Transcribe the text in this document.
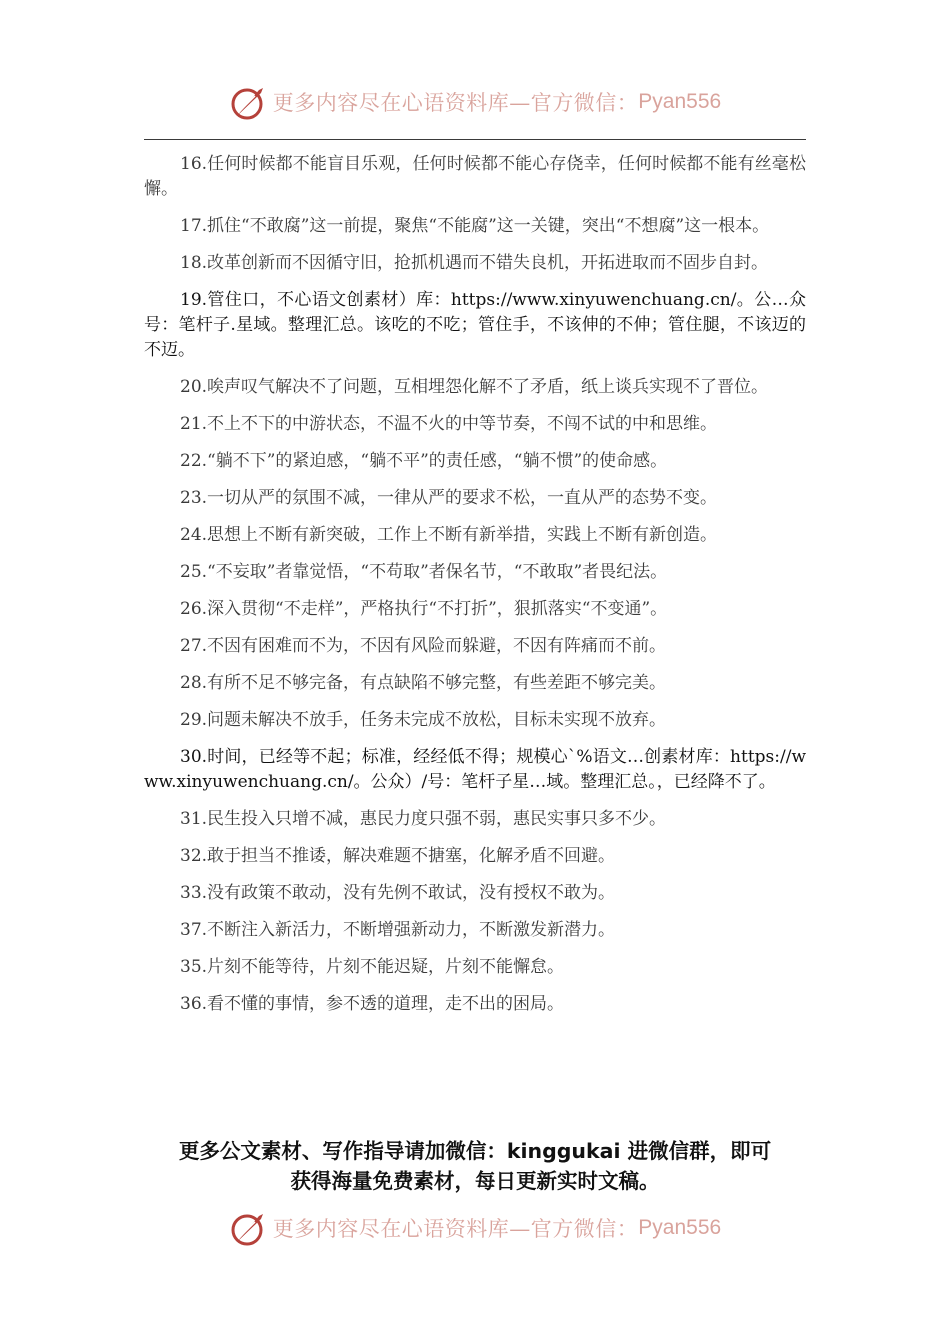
更多内容尽在心语资料库—官方微信： Pyan556

16.任何时候都不能盲目乐观，任何时候都不能心存侥幸，任何时候都不能有丝毫松懈。

17.抓住“不敢腐”这一前提，聚焦“不能腐”这一关键，突出“不想腐”这一根本。

18.改革创新而不因循守旧，抢抓机遇而不错失良机，开拓进取而不固步自封。

19.管住口，不心语文创素材）库：https://www.xinyuwenchuang.cn/。公…众号：笔杆子.星域。整理汇总。该吃的不吃；管住手，不该伸的不伸；管住腿，不该迈的不迈。

20.唉声叹气解决不了问题，互相埋怨化解不了矛盾，纸上谈兵实现不了晋位。

21.不上不下的中游状态，不温不火的中等节奏，不闯不试的中和思维。

22.“躺不下”的紧迫感，“躺不平”的责任感，“躺不惯”的使命感。

23.一切从严的氛围不减，一律从严的要求不松，一直从严的态势不变。

24.思想上不断有新突破，工作上不断有新举措，实践上不断有新创造。

25.“不妄取”者靠觉悟，“不苟取”者保名节，“不敢取”者畏纪法。

26.深入贯彻“不走样”，严格执行“不打折”，狠抓落实“不变通”。

27.不因有困难而不为，不因有风险而躲避，不因有阵痛而不前。

28.有所不足不够完备，有点缺陷不够完整，有些差距不够完美。

29.问题未解决不放手，任务未完成不放松，目标未实现不放弃。

30.时间，已经等不起；标准，经经低不得；规模心`%语文…创素材库：https://www.xinyuwenchuang.cn/。公众）/号：笔杆子星…域。整理汇总。，已经降不了。

31.民生投入只增不减，惠民力度只强不弱，惠民实事只多不少。

32.敢于担当不推诿，解决难题不搪塞，化解矛盾不回避。

33.没有政策不敢动，没有先例不敢试，没有授权不敢为。

37.不断注入新活力，不断增强新动力，不断激发新潜力。

35.片刻不能等待，片刻不能迟疑，片刻不能懈怠。

36.看不懂的事情，参不透的道理，走不出的困局。

更多公文素材、写作指导请加微信：kinggukai 进微信群，即可
获得海量免费素材，每日更新实时文稿。
更多内容尽在心语资料库—官方微信： Pyan556
